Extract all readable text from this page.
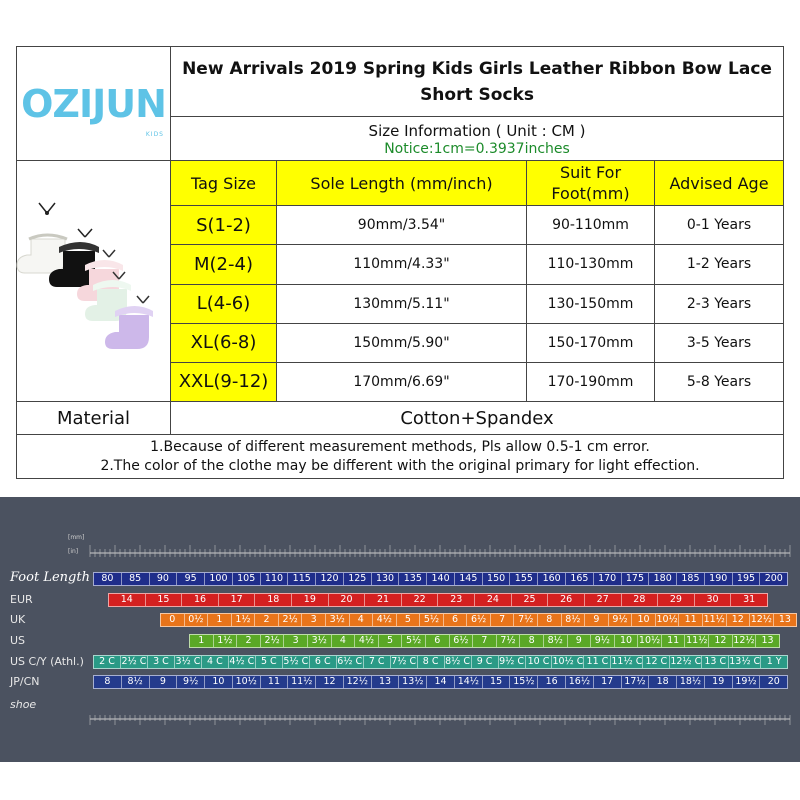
OZIJUN
KIDS	New Arrivals 2019 Spring Kids Girls Leather Ribbon Bow Lace Short Socks			

	Size Information ( Unit : CM )
Notice:1cm=0.3937inches			

	Tag Size	Sole Length (mm/inch)	Suit For Foot(mm)	Advised Age
	S(1-2)	90mm/3.54"	90-110mm	0-1 Years
	M(2-4)	110mm/4.33"	110-130mm	1-2 Years
	L(4-6)	130mm/5.11"	130-150mm	2-3 Years
	XL(6-8)	150mm/5.90"	150-170mm	3-5 Years
	XXL(9-12)	170mm/6.69"	170-190mm	5-8 Years
Material	Cotton+Spandex			

1.Because of different measurement methods, Pls allow 0.5-1 cm error.
2.The color of the clothe may be different with the original primary for light effection.				
[mm]
[in]
Foot Length	80	85	90	95	100	105	110	115	120	125	130	135	140	145	150	155	160	165	170	175	180	185	190	195	200
EUR	14	15	16	17	18	19	20	21	22	23	24	25	26	27	28	29	30	31
UK	0	0½	1	1½	2	2½	3	3½	4	4½	5	5½	6	6½	7	7½	8	8½	9	9½	10 10½ 11 11½ 12 12½ 13
US	1	1½	2	2½	3	3½	4	4½	5	5½	6	6½	7	7½	8	8½	9	9½	10 10½ 11 11½ 12 12½ 13
US C/Y (Athl.)	2 C 2½ C 3 C 3½ C 4 C 4½ C 5 C 5½ C 6 C 6½ C 7 C 7½ C 8 C 8½ C 9 C 9½ C 10 C 10½ C 11 C 11½ C 12 C 12½ C 13 C 13½ C 1 Y
JP/CN	8	8½	9	9½	10	10½	11	11½	12	12½	13	13½	14	14½	15	15½	16	16½	17	17½	18	18½	19	19½	20
shoe
